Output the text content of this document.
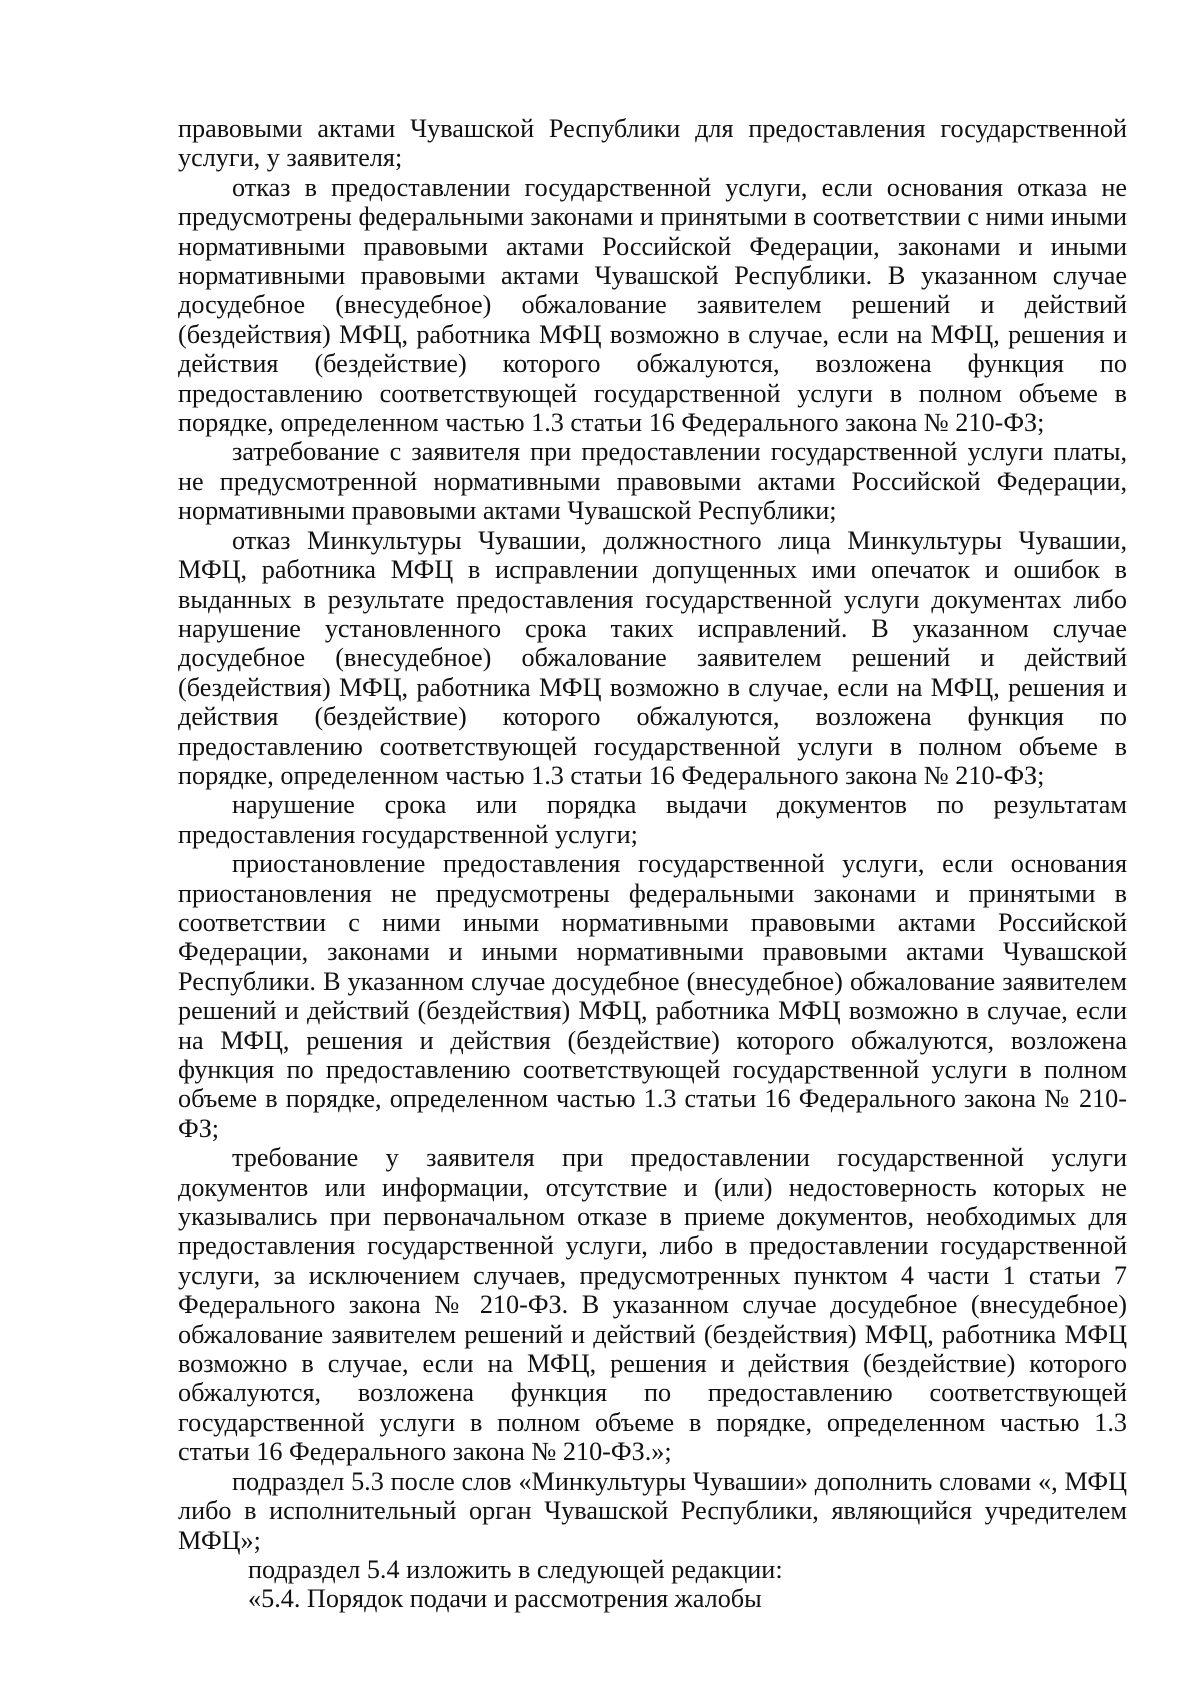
правовыми актами Чувашской Республики для предоставления государственной услуги, у заявителя;

отказ в предоставлении государственной услуги, если основания отказа не предусмотрены федеральными законами и принятыми в соответствии с ними иными нормативными правовыми актами Российской Федерации, законами и иными нормативными правовыми актами Чувашской Республики. В указанном случае досудебное (внесудебное) обжалование заявителем решений и действий (бездействия) МФЦ, работника МФЦ возможно в случае, если на МФЦ, решения и действия (бездействие) которого обжалуются, возложена функция по предоставлению соответствующей государственной услуги в полном объеме в порядке, определенном частью 1.3 статьи 16 Федерального закона № 210-ФЗ;

затребование с заявителя при предоставлении государственной услуги платы, не предусмотренной нормативными правовыми актами Российской Федерации, нормативными правовыми актами Чувашской Республики;

отказ Минкультуры Чувашии, должностного лица Минкультуры Чувашии, МФЦ, работника МФЦ в исправлении допущенных ими опечаток и ошибок в выданных в результате предоставления государственной услуги документах либо нарушение установленного срока таких исправлений. В указанном случае досудебное (внесудебное) обжалование заявителем решений и действий (бездействия) МФЦ, работника МФЦ возможно в случае, если на МФЦ, решения и действия (бездействие) которого обжалуются, возложена функция по предоставлению соответствующей государственной услуги в полном объеме в порядке, определенном частью 1.3 статьи 16 Федерального закона № 210-ФЗ;

нарушение срока или порядка выдачи документов по результатам предоставления государственной услуги;

приостановление предоставления государственной услуги, если основания приостановления не предусмотрены федеральными законами и принятыми в соответствии с ними иными нормативными правовыми актами Российской Федерации, законами и иными нормативными правовыми актами Чувашской Республики. В указанном случае досудебное (внесудебное) обжалование заявителем решений и действий (бездействия) МФЦ, работника МФЦ возможно в случае, если на МФЦ, решения и действия (бездействие) которого обжалуются, возложена функция по предоставлению соответствующей государственной услуги в полном объеме в порядке, определенном частью 1.3 статьи 16 Федерального закона № 210-ФЗ;

требование у заявителя при предоставлении государственной услуги документов или информации, отсутствие и (или) недостоверность которых не указывались при первоначальном отказе в приеме документов, необходимых для предоставления государственной услуги, либо в предоставлении государственной услуги, за исключением случаев, предусмотренных пунктом 4 части 1 статьи 7 Федерального закона № 210-ФЗ. В указанном случае досудебное (внесудебное) обжалование заявителем решений и действий (бездействия) МФЦ, работника МФЦ возможно в случае, если на МФЦ, решения и действия (бездействие) которого обжалуются, возложена функция по предоставлению соответствующей государственной услуги в полном объеме в порядке, определенном частью 1.3 статьи 16 Федерального закона № 210-ФЗ.»;

подраздел 5.3 после слов «Минкультуры Чувашии» дополнить словами «, МФЦ либо в исполнительный орган Чувашской Республики, являющийся учредителем МФЦ»;

подраздел 5.4 изложить в следующей редакции:

«5.4. Порядок подачи и рассмотрения жалобы
